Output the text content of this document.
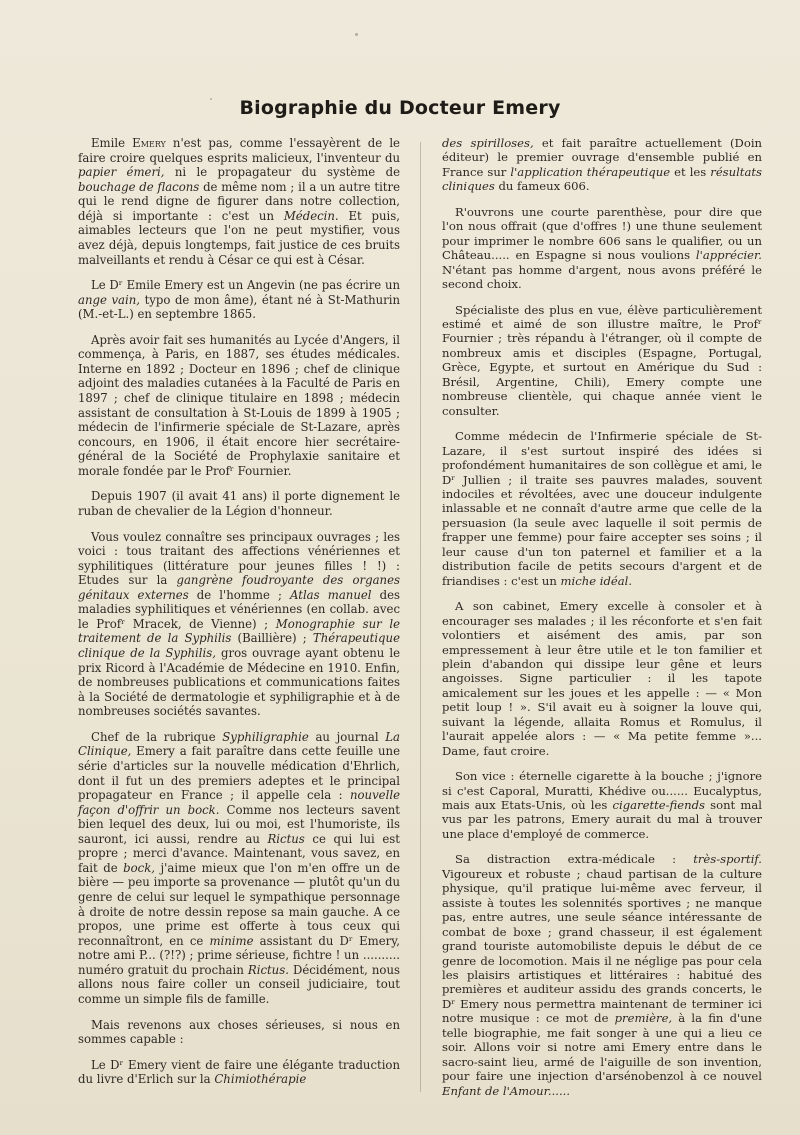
Biographie du Docteur Emery

Emile Emery n'est pas, comme l'essayèrent de le faire croire quelques esprits malicieux, l'inventeur du papier émeri, ni le propagateur du système de bouchage de flacons de même nom ; il a un autre titre qui le rend digne de figurer dans notre collection, déjà si importante : c'est un Médecin. Et puis, aimables lecteurs que l'on ne peut mystifier, vous avez déjà, depuis longtemps, fait justice de ces bruits malveillants et rendu à César ce qui est à César.

Le Dʳ Emile Emery est un Angevin (ne pas écrire un ange vain, typo de mon âme), étant né à St-Mathurin (M.-et-L.) en septembre 1865.

Après avoir fait ses humanités au Lycée d'Angers, il commença, à Paris, en 1887, ses études médicales. Interne en 1892 ; Docteur en 1896 ; chef de clinique adjoint des maladies cutanées à la Faculté de Paris en 1897 ; chef de clinique titulaire en 1898 ; médecin assistant de consultation à St-Louis de 1899 à 1905 ; médecin de l'infirmerie spéciale de St-Lazare, après concours, en 1906, il était encore hier secrétaire-général de la Société de Prophylaxie sanitaire et morale fondée par le Profʳ Fournier.

Depuis 1907 (il avait 41 ans) il porte dignement le ruban de chevalier de la Légion d'honneur.

Vous voulez connaître ses principaux ouvrages ; les voici : tous traitant des affections vénériennes et syphilitiques (littérature pour jeunes filles ! !) : Etudes sur la gangrène foudroyante des organes génitaux externes de l'homme ; Atlas manuel des maladies syphilitiques et vénériennes (en collab. avec le Profʳ Mracek, de Vienne) ; Monographie sur le traitement de la Syphilis (Baillière) ; Thérapeutique clinique de la Syphilis, gros ouvrage ayant obtenu le prix Ricord à l'Académie de Médecine en 1910. Enfin, de nombreuses publications et communications faites à la Société de dermatologie et syphiligraphie et à de nombreuses sociétés savantes.

Chef de la rubrique Syphiligraphie au journal La Clinique, Emery a fait paraître dans cette feuille une série d'articles sur la nouvelle médication d'Ehrlich, dont il fut un des premiers adeptes et le principal propagateur en France ; il appelle cela : nouvelle façon d'offrir un bock. Comme nos lecteurs savent bien lequel des deux, lui ou moi, est l'humoriste, ils sauront, ici aussi, rendre au Rictus ce qui lui est propre ; merci d'avance. Maintenant, vous savez, en fait de bock, j'aime mieux que l'on m'en offre un de bière — peu importe sa provenance — plutôt qu'un du genre de celui sur lequel le sympathique personnage à droite de notre dessin repose sa main gauche. A ce propos, une prime est offerte à tous ceux qui reconnaîtront, en ce minime assistant du Dʳ Emery, notre ami P... (?!?) ; prime sérieuse, fichtre ! un .......... numéro gratuit du prochain Rictus. Décidément, nous allons nous faire coller un conseil judiciaire, tout comme un simple fils de famille.

Mais revenons aux choses sérieuses, si nous en sommes capable :

Le Dʳ Emery vient de faire une élégante traduction du livre d'Erlich sur la Chimiothérapie

des spirilloses, et fait paraître actuellement (Doin éditeur) le premier ouvrage d'ensemble publié en France sur l'application thérapeutique et les résultats cliniques du fameux 606.

R'ouvrons une courte parenthèse, pour dire que l'on nous offrait (que d'offres !) une thune seulement pour imprimer le nombre 606 sans le qualifier, ou un Château..... en Espagne si nous voulions l'apprécier. N'étant pas homme d'argent, nous avons préféré le second choix.

Spécialiste des plus en vue, élève particulièrement estimé et aimé de son illustre maître, le Profʳ Fournier ; très répandu à l'étranger, où il compte de nombreux amis et disciples (Espagne, Portugal, Grèce, Egypte, et surtout en Amérique du Sud : Brésil, Argentine, Chili), Emery compte une nombreuse clientèle, qui chaque année vient le consulter.

Comme médecin de l'Infirmerie spéciale de St-Lazare, il s'est surtout inspiré des idées si profondément humanitaires de son collègue et ami, le Dʳ Jullien ; il traite ses pauvres malades, souvent indociles et révoltées, avec une douceur indulgente inlassable et ne connaît d'autre arme que celle de la persuasion (la seule avec laquelle il soit permis de frapper une femme) pour faire accepter ses soins ; il leur cause d'un ton paternel et familier et a la distribution facile de petits secours d'argent et de friandises : c'est un miche idéal.

A son cabinet, Emery excelle à consoler et à encourager ses malades ; il les réconforte et s'en fait volontiers et aisément des amis, par son empressement à leur être utile et le ton familier et plein d'abandon qui dissipe leur gêne et leurs angoisses. Signe particulier : il les tapote amicalement sur les joues et les appelle : — « Mon petit loup ! ». S'il avait eu à soigner la louve qui, suivant la légende, allaita Romus et Romulus, il l'aurait appelée alors : — « Ma petite femme »... Dame, faut croire.

Son vice : éternelle cigarette à la bouche ; j'ignore si c'est Caporal, Muratti, Khédive ou...... Eucalyptus, mais aux Etats-Unis, où les cigarette-fiends sont mal vus par les patrons, Emery aurait du mal à trouver une place d'employé de commerce.

Sa distraction extra-médicale : très-sportif. Vigoureux et robuste ; chaud partisan de la culture physique, qu'il pratique lui-même avec ferveur, il assiste à toutes les solennités sportives ; ne manque pas, entre autres, une seule séance intéressante de combat de boxe ; grand chasseur, il est également grand touriste automobiliste depuis le début de ce genre de locomotion. Mais il ne néglige pas pour cela les plaisirs artistiques et littéraires : habitué des premières et auditeur assidu des grands concerts, le Dʳ Emery nous permettra maintenant de terminer ici notre musique : ce mot de première, à la fin d'une telle biographie, me fait songer à une qui a lieu ce soir. Allons voir si notre ami Emery entre dans le sacro-saint lieu, armé de l'aiguille de son invention, pour faire une injection d'arsénobenzol à ce nouvel Enfant de l'Amour......
